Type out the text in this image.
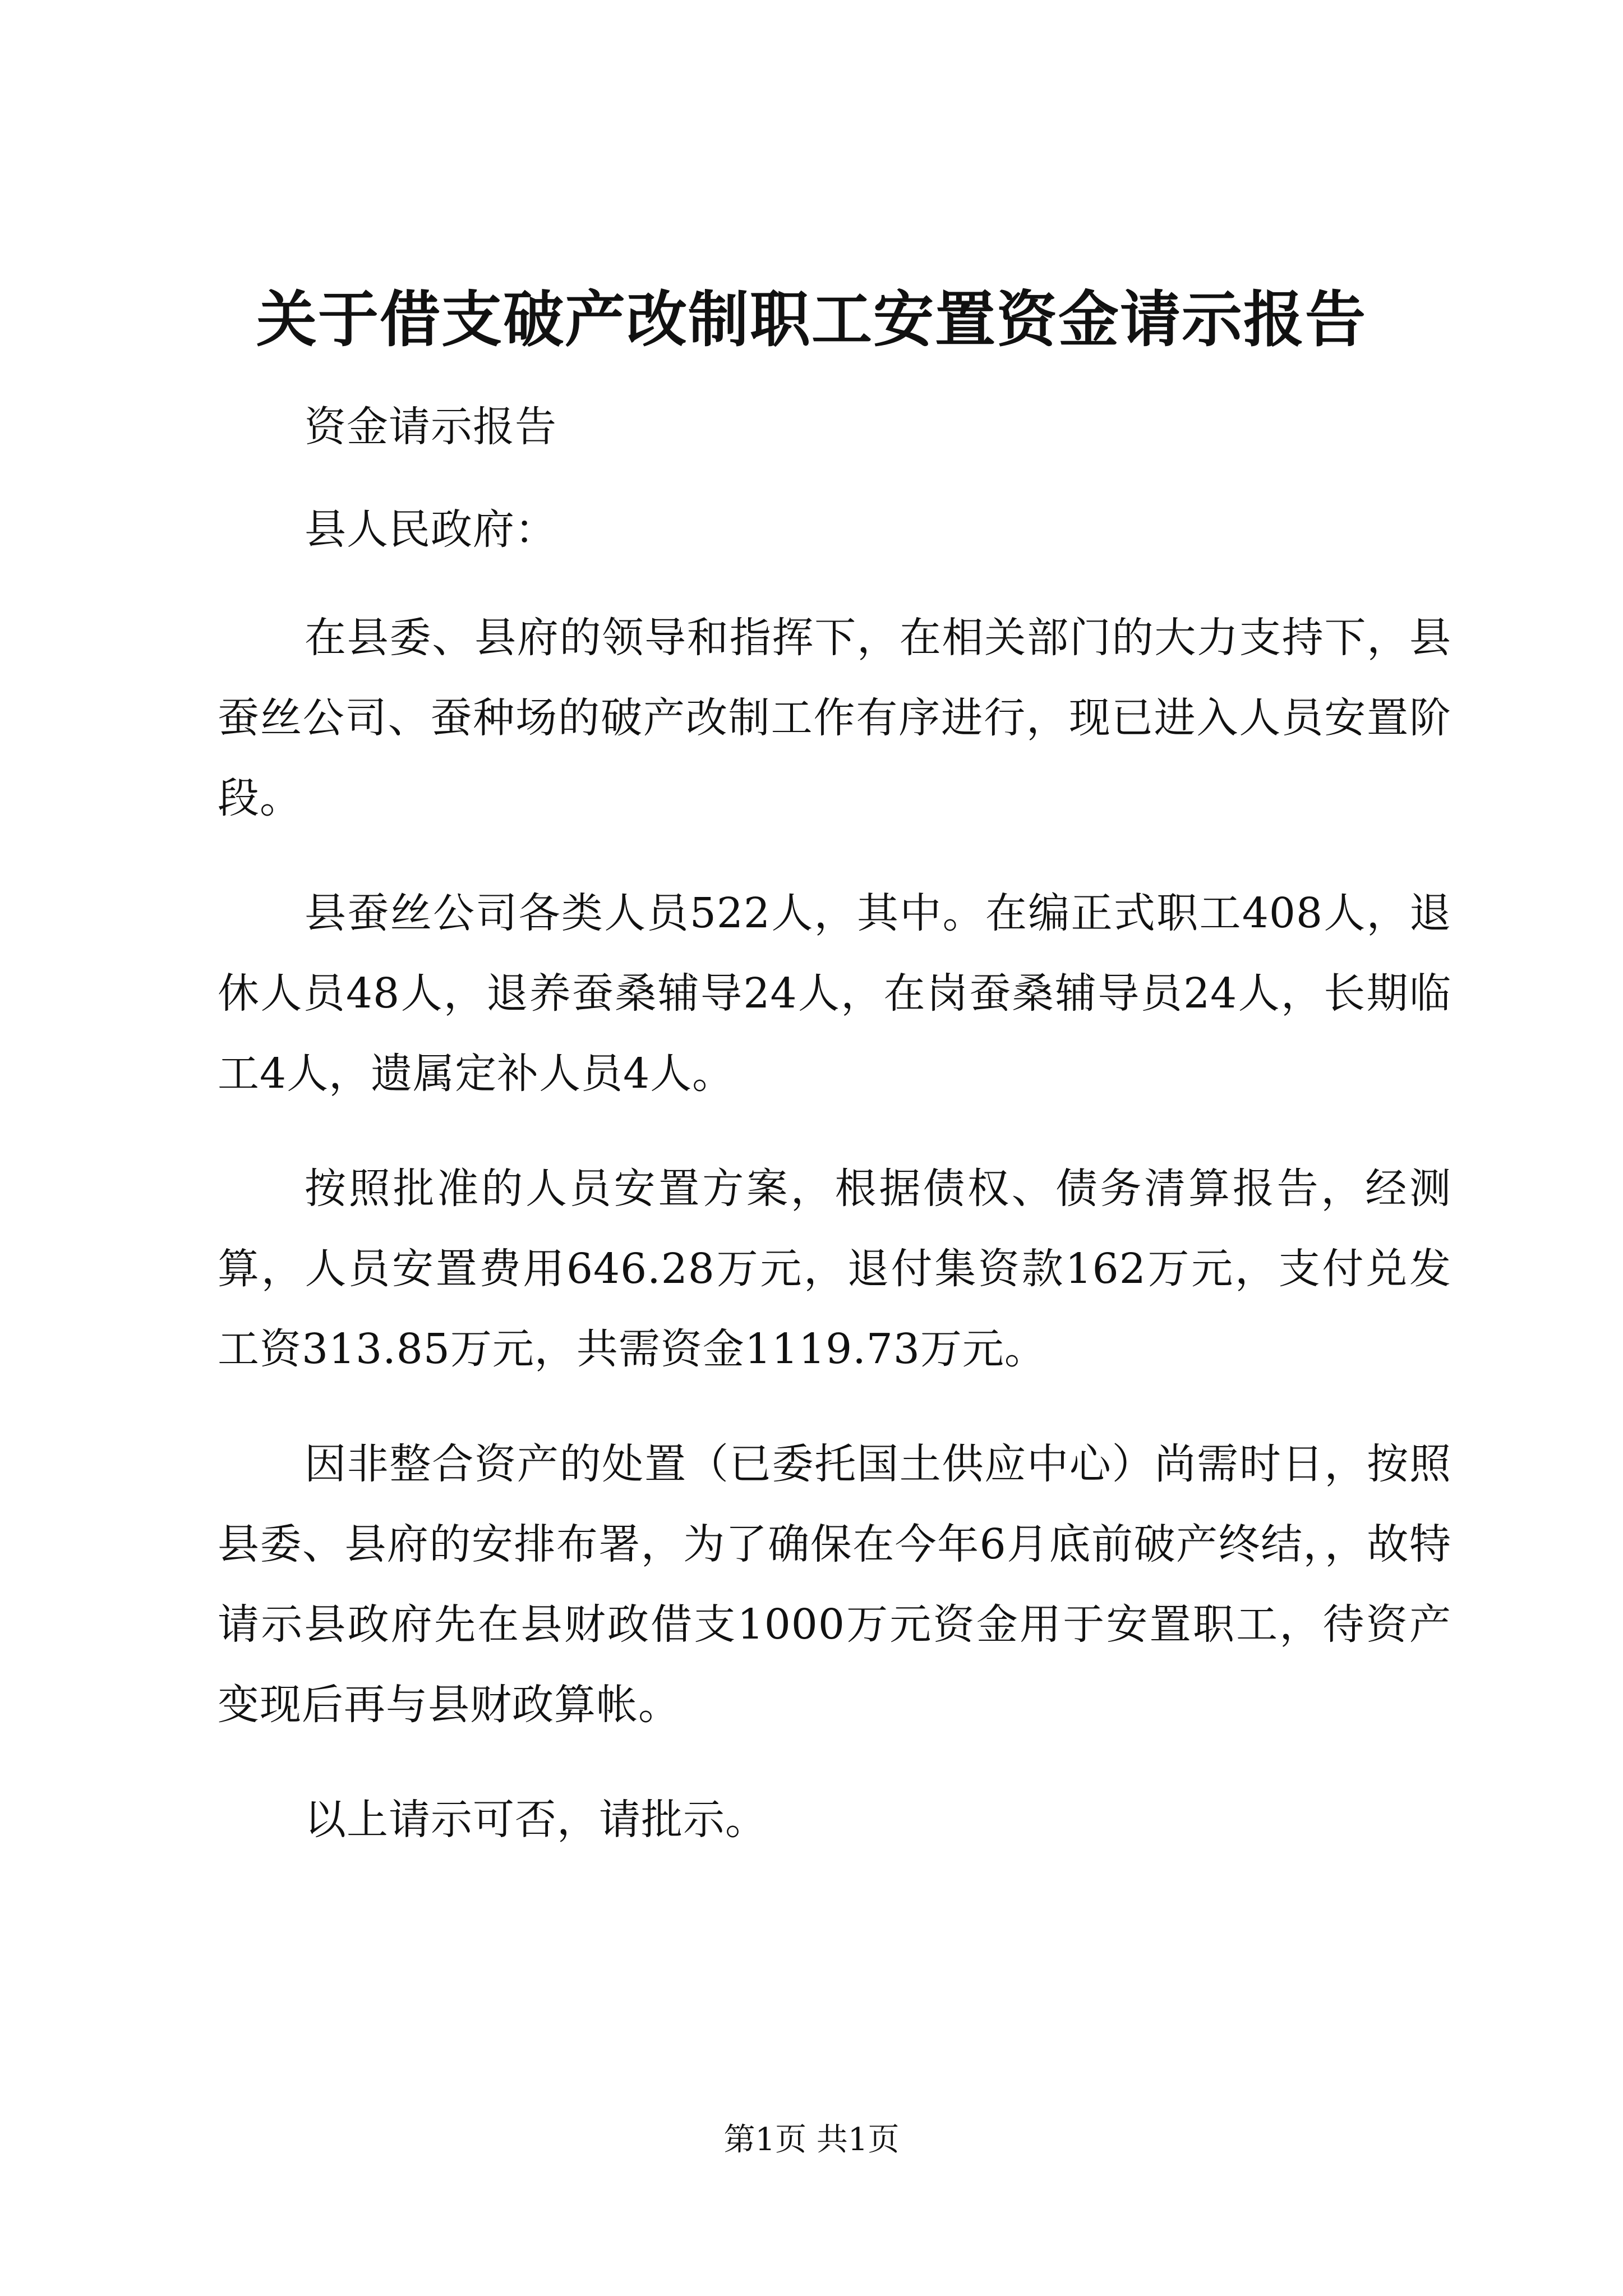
关于借支破产改制职工安置资金请示报告

资金请示报告

县人民政府：

在县委、县府的领导和指挥下，在相关部门的大力支持下，县蚕丝公司、蚕种场的破产改制工作有序进行，现已进入人员安置阶段。

县蚕丝公司各类人员522人，其中。在编正式职工408人，退休人员48人，退养蚕桑辅导24人，在岗蚕桑辅导员24人，长期临工4人，遗属定补人员4人。

按照批准的人员安置方案，根据债权、债务清算报告，经测算，人员安置费用646.28万元，退付集资款162万元，支付兑发工资313.85万元，共需资金1119.73万元。

因非整合资产的处置（已委托国土供应中心）尚需时日，按照县委、县府的安排布署，为了确保在今年6月底前破产终结，，故特请示县政府先在县财政借支1000万元资金用于安置职工，待资产变现后再与县财政算帐。

以上请示可否，请批示。

第1页 共1页
